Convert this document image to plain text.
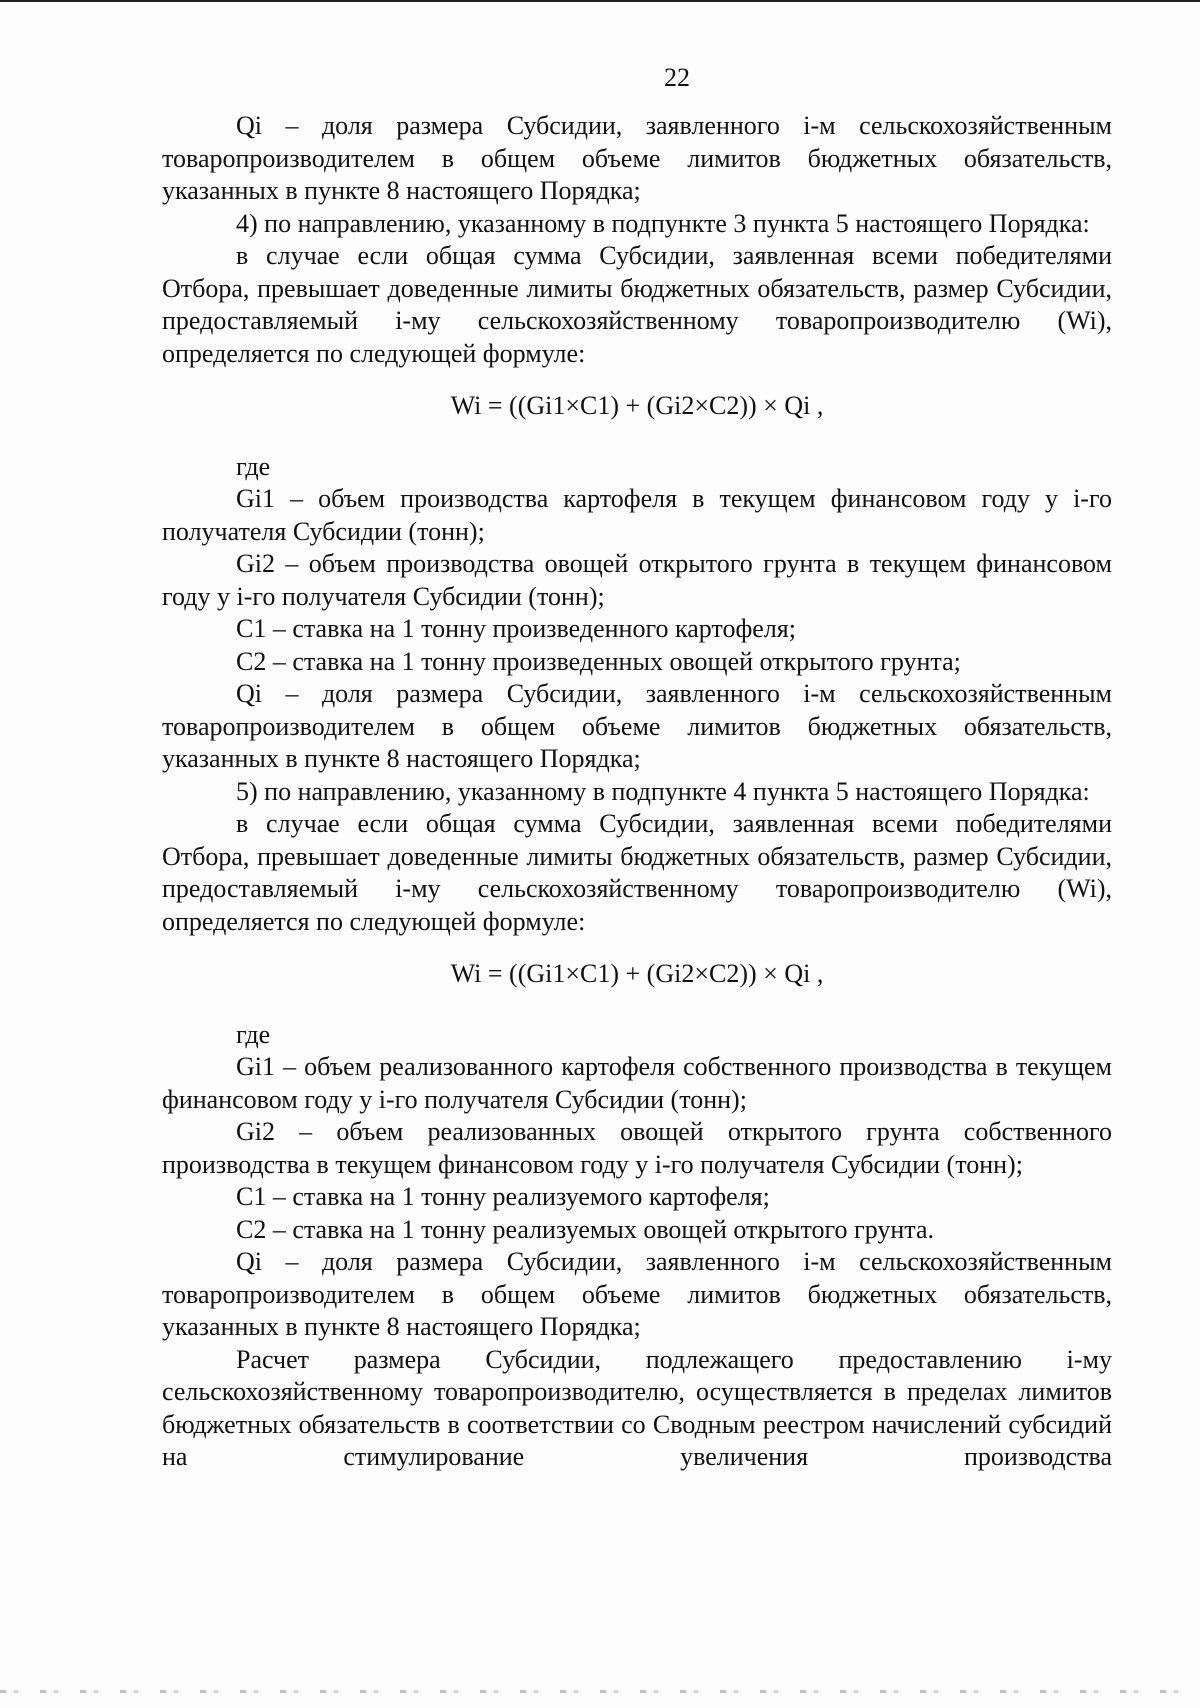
22

Qi – доля размера Субсидии, заявленного i-м сельскохозяйственным товаропроизводителем в общем объеме лимитов бюджетных обязательств, указанных в пункте 8 настоящего Порядка;

4) по направлению, указанному в подпункте 3 пункта 5 настоящего Порядка:

в случае если общая сумма Субсидии, заявленная всеми победителями Отбора, превышает доведенные лимиты бюджетных обязательств, размер Субсидии, предоставляемый i-му сельскохозяйственному товаропроизводителю (Wi), определяется по следующей формуле:

Wi = ((Gi1×C1) + (Gi2×C2)) × Qi ,

где

Gi1 – объем производства картофеля в текущем финансовом году у i-го получателя Субсидии (тонн);

Gi2 – объем производства овощей открытого грунта в текущем финансовом году у i-го получателя Субсидии (тонн);

C1 – ставка на 1 тонну произведенного картофеля;

C2 – ставка на 1 тонну произведенных овощей открытого грунта;

Qi – доля размера Субсидии, заявленного i-м сельскохозяйственным товаропроизводителем в общем объеме лимитов бюджетных обязательств, указанных в пункте 8 настоящего Порядка;

5) по направлению, указанному в подпункте 4 пункта 5 настоящего Порядка:

в случае если общая сумма Субсидии, заявленная всеми победителями Отбора, превышает доведенные лимиты бюджетных обязательств, размер Субсидии, предоставляемый i-му сельскохозяйственному товаропроизводителю (Wi), определяется по следующей формуле:

Wi = ((Gi1×C1) + (Gi2×C2)) × Qi ,

где

Gi1 – объем реализованного картофеля собственного производства в текущем финансовом году у i-го получателя Субсидии (тонн);

Gi2 – объем реализованных овощей открытого грунта собственного производства в текущем финансовом году у i-го получателя Субсидии (тонн);

C1 – ставка на 1 тонну реализуемого картофеля;

C2 – ставка на 1 тонну реализуемых овощей открытого грунта.

Qi – доля размера Субсидии, заявленного i-м сельскохозяйственным товаропроизводителем в общем объеме лимитов бюджетных обязательств, указанных в пункте 8 настоящего Порядка;

Расчет размера Субсидии, подлежащего предоставлению i-му сельскохозяйственному товаропроизводителю, осуществляется в пределах лимитов бюджетных обязательств в соответствии со Сводным реестром начислений субсидий на стимулирование увеличения производства
